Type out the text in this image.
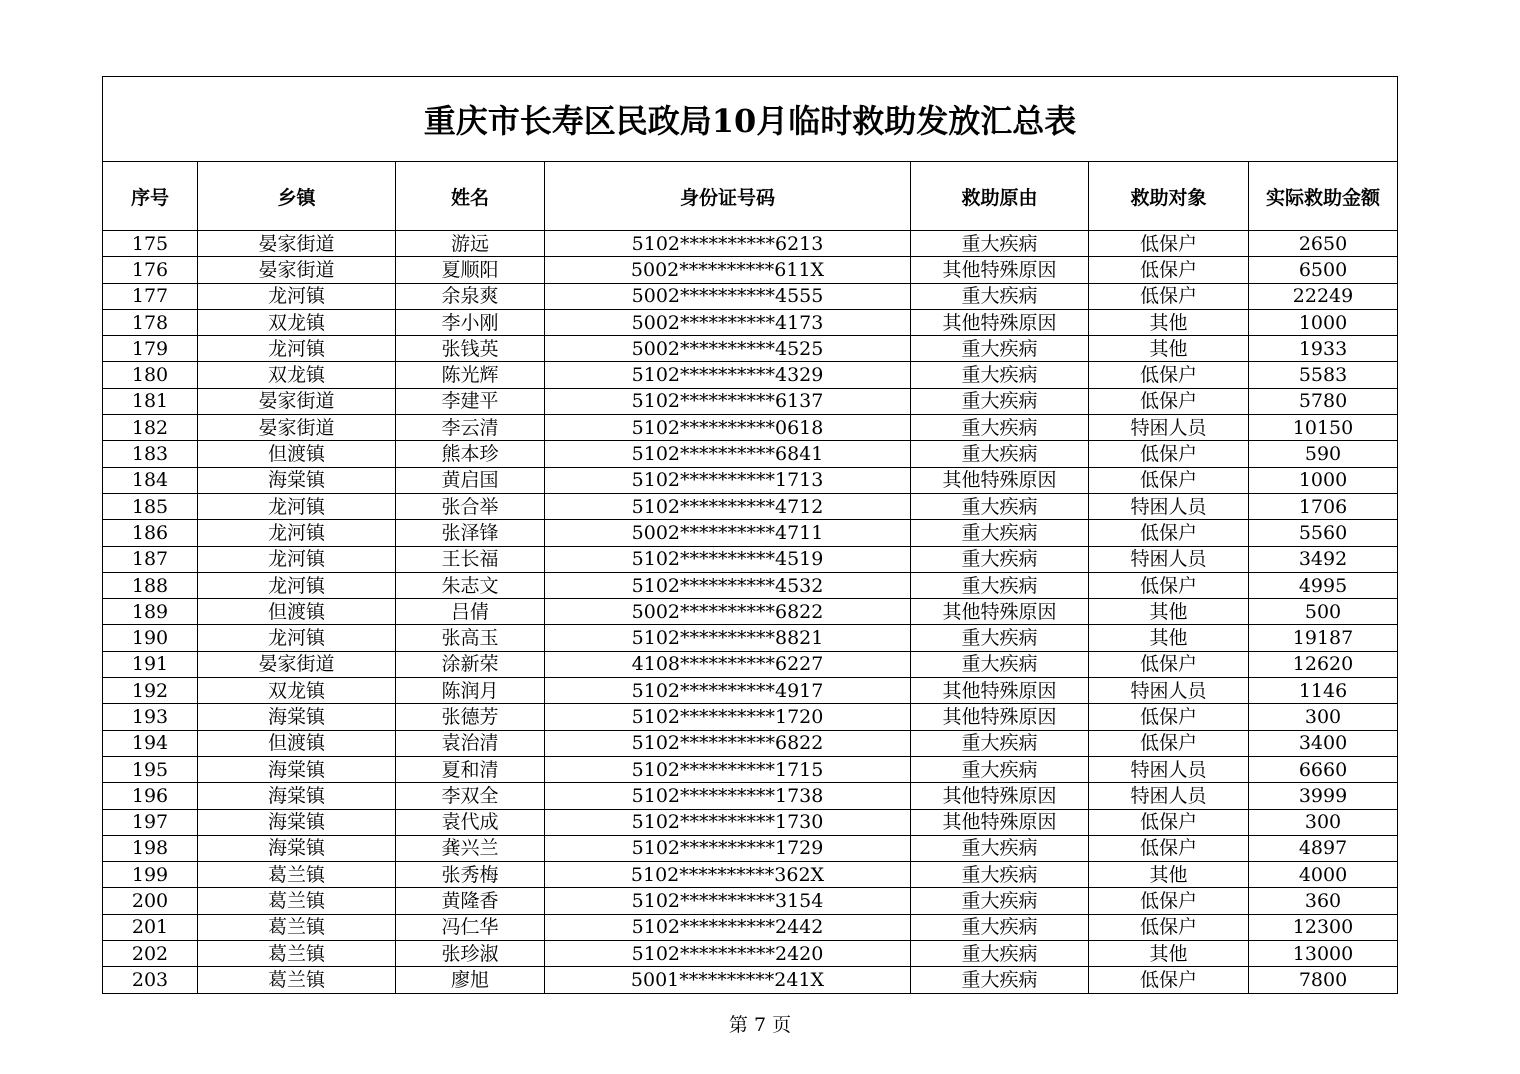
重庆市长寿区民政局10月临时救助发放汇总表						
序号	乡镇	姓名	身份证号码	救助原由	救助对象	实际救助金额
175	晏家街道	游远	5102**********6213	重大疾病	低保户	2650
176	晏家街道	夏顺阳	5002**********611X	其他特殊原因	低保户	6500
177	龙河镇	余泉爽	5002**********4555	重大疾病	低保户	22249
178	双龙镇	李小刚	5002**********4173	其他特殊原因	其他	1000
179	龙河镇	张钱英	5002**********4525	重大疾病	其他	1933
180	双龙镇	陈光辉	5102**********4329	重大疾病	低保户	5583
181	晏家街道	李建平	5102**********6137	重大疾病	低保户	5780
182	晏家街道	李云清	5102**********0618	重大疾病	特困人员	10150
183	但渡镇	熊本珍	5102**********6841	重大疾病	低保户	590
184	海棠镇	黄启国	5102**********1713	其他特殊原因	低保户	1000
185	龙河镇	张合举	5102**********4712	重大疾病	特困人员	1706
186	龙河镇	张泽锋	5002**********4711	重大疾病	低保户	5560
187	龙河镇	王长福	5102**********4519	重大疾病	特困人员	3492
188	龙河镇	朱志文	5102**********4532	重大疾病	低保户	4995
189	但渡镇	吕倩	5002**********6822	其他特殊原因	其他	500
190	龙河镇	张高玉	5102**********8821	重大疾病	其他	19187
191	晏家街道	涂新荣	4108**********6227	重大疾病	低保户	12620
192	双龙镇	陈润月	5102**********4917	其他特殊原因	特困人员	1146
193	海棠镇	张德芳	5102**********1720	其他特殊原因	低保户	300
194	但渡镇	袁治清	5102**********6822	重大疾病	低保户	3400
195	海棠镇	夏和清	5102**********1715	重大疾病	特困人员	6660
196	海棠镇	李双全	5102**********1738	其他特殊原因	特困人员	3999
197	海棠镇	袁代成	5102**********1730	其他特殊原因	低保户	300
198	海棠镇	龚兴兰	5102**********1729	重大疾病	低保户	4897
199	葛兰镇	张秀梅	5102**********362X	重大疾病	其他	4000
200	葛兰镇	黄隆香	5102**********3154	重大疾病	低保户	360
201	葛兰镇	冯仁华	5102**********2442	重大疾病	低保户	12300
202	葛兰镇	张珍淑	5102**********2420	重大疾病	其他	13000
203	葛兰镇	廖旭	5001**********241X	重大疾病	低保户	7800
第 7 页
